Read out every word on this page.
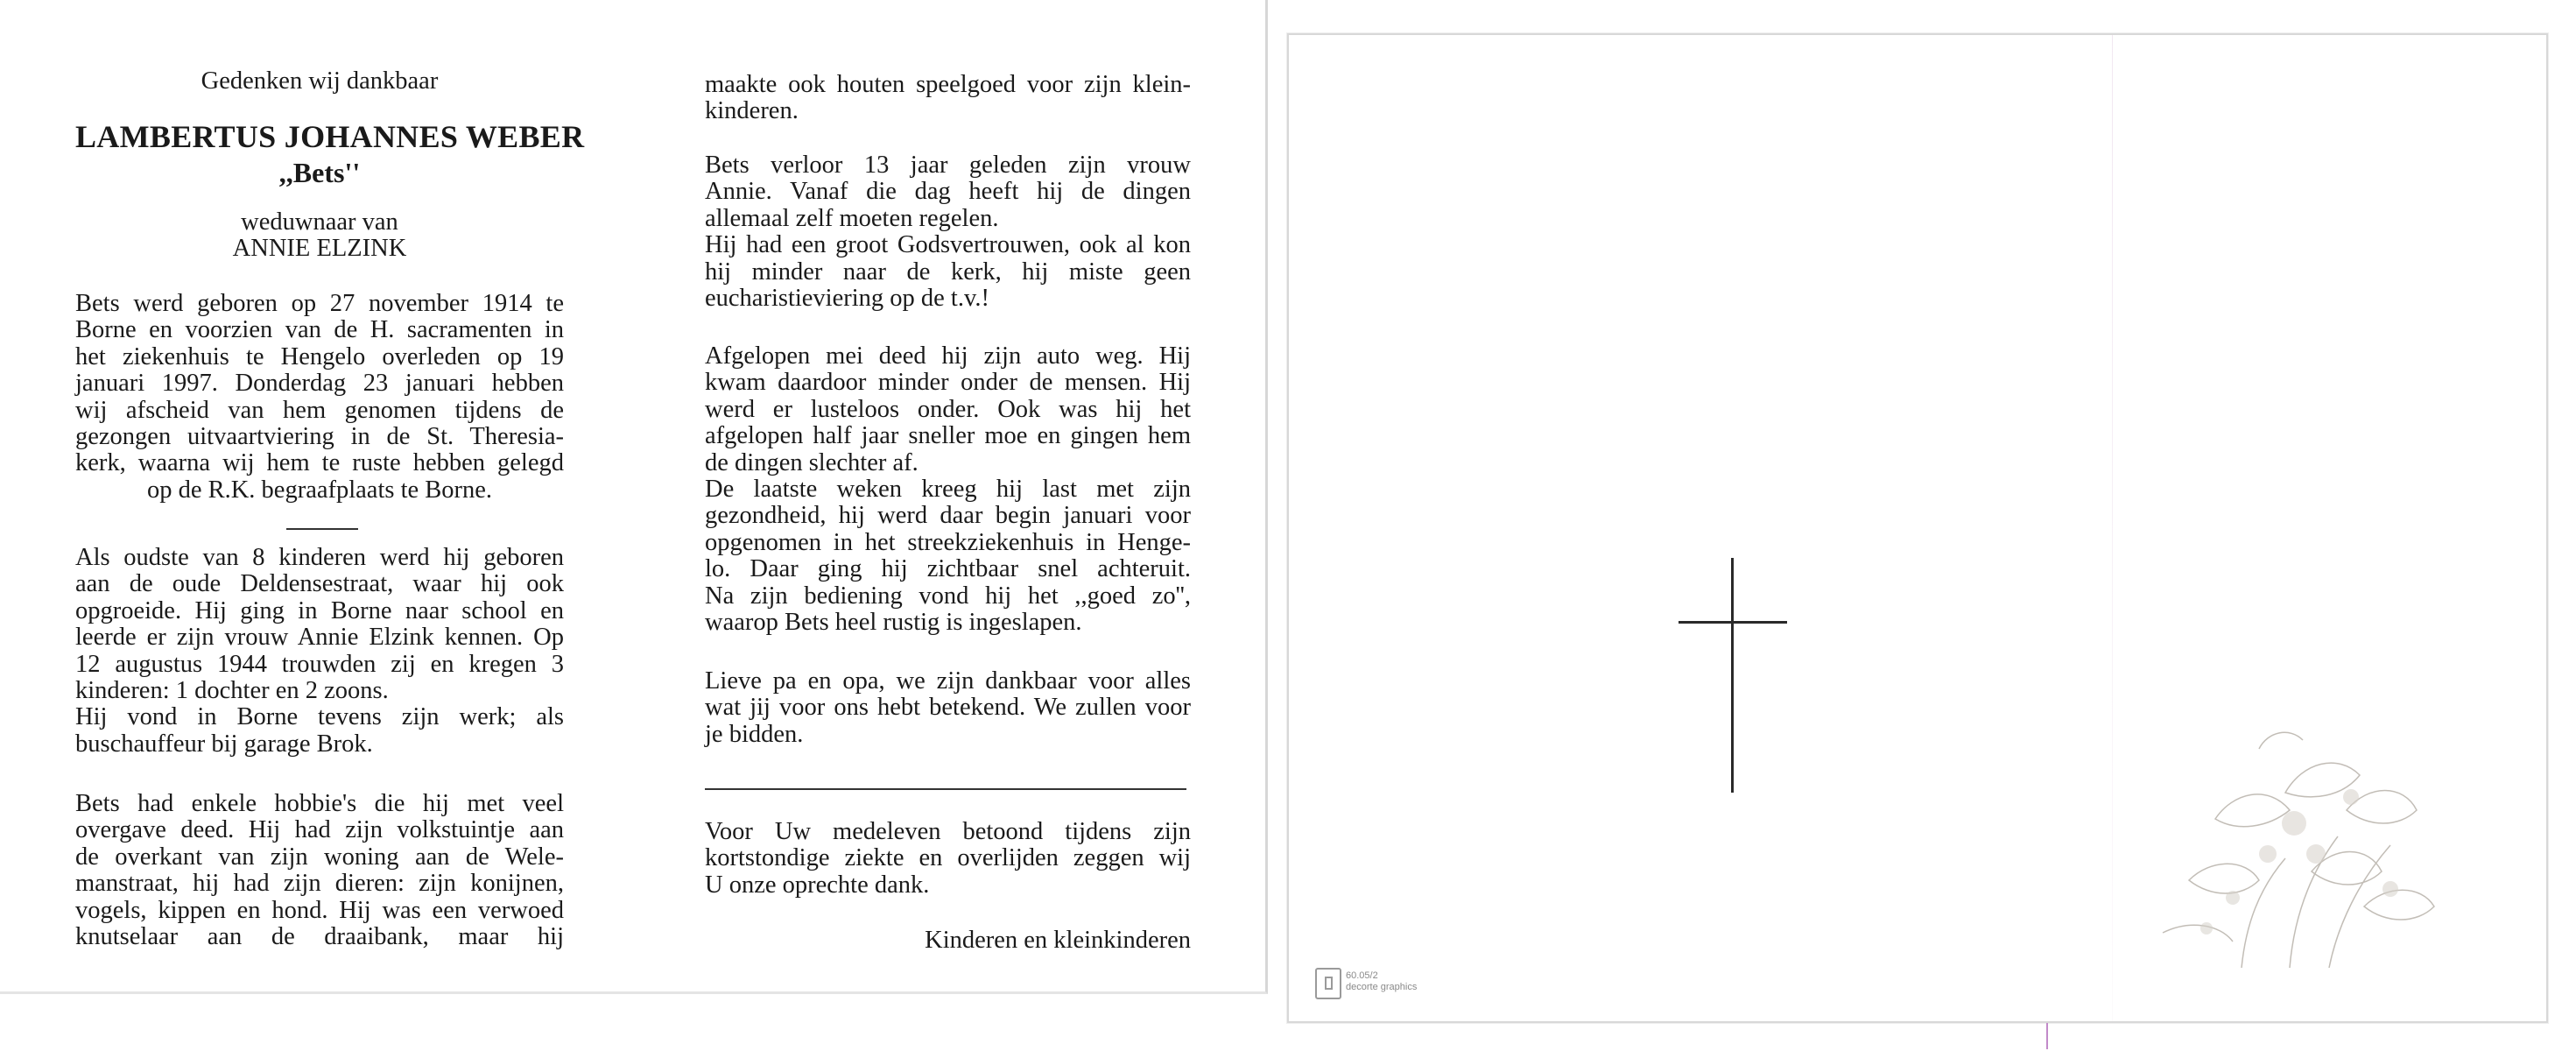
Gedenken wij dankbaar
LAMBERTUS JOHANNES WEBER
,,Bets''
weduwnaar van
ANNIE ELZINK
Bets werd geboren op 27 november 1914 te
Borne en voorzien van de H. sacramenten in
het ziekenhuis te Hengelo overleden op 19
januari 1997. Donderdag 23 januari hebben
wij afscheid van hem genomen tijdens de
gezongen uitvaartviering in de St. Theresia-
kerk, waarna wij hem te ruste hebben gelegd
op de R.K. begraafplaats te Borne.
Als oudste van 8 kinderen werd hij geboren
aan de oude Deldensestraat, waar hij ook
opgroeide. Hij ging in Borne naar school en
leerde er zijn vrouw Annie Elzink kennen. Op
12 augustus 1944 trouwden zij en kregen 3
kinderen: 1 dochter en 2 zoons.
Hij vond in Borne tevens zijn werk; als
buschauffeur bij garage Brok.
Bets had enkele hobbie's die hij met veel
overgave deed. Hij had zijn volkstuintje aan
de overkant van zijn woning aan de Wele-
manstraat, hij had zijn dieren: zijn konijnen,
vogels, kippen en hond. Hij was een verwoed
knutselaar aan de draaibank, maar hij
maakte ook houten speelgoed voor zijn klein-
kinderen.
Bets verloor 13 jaar geleden zijn vrouw
Annie. Vanaf die dag heeft hij de dingen
allemaal zelf moeten regelen.
Hij had een groot Godsvertrouwen, ook al kon
hij minder naar de kerk, hij miste geen
eucharistieviering op de t.v.!
Afgelopen mei deed hij zijn auto weg. Hij
kwam daardoor minder onder de mensen. Hij
werd er lusteloos onder. Ook was hij het
afgelopen half jaar sneller moe en gingen hem
de dingen slechter af.
De laatste weken kreeg hij last met zijn
gezondheid, hij werd daar begin januari voor
opgenomen in het streekziekenhuis in Henge-
lo. Daar ging hij zichtbaar snel achteruit.
Na zijn bediening vond hij het ,,goed zo'',
waarop Bets heel rustig is ingeslapen.
Lieve pa en opa, we zijn dankbaar voor alles
wat jij voor ons hebt betekend. We zullen voor
je bidden.
Voor Uw medeleven betoond tijdens zijn
kortstondige ziekte en overlijden zeggen wij
U onze oprechte dank.
Kinderen en kleinkinderen
60.05/2
decorte graphics
